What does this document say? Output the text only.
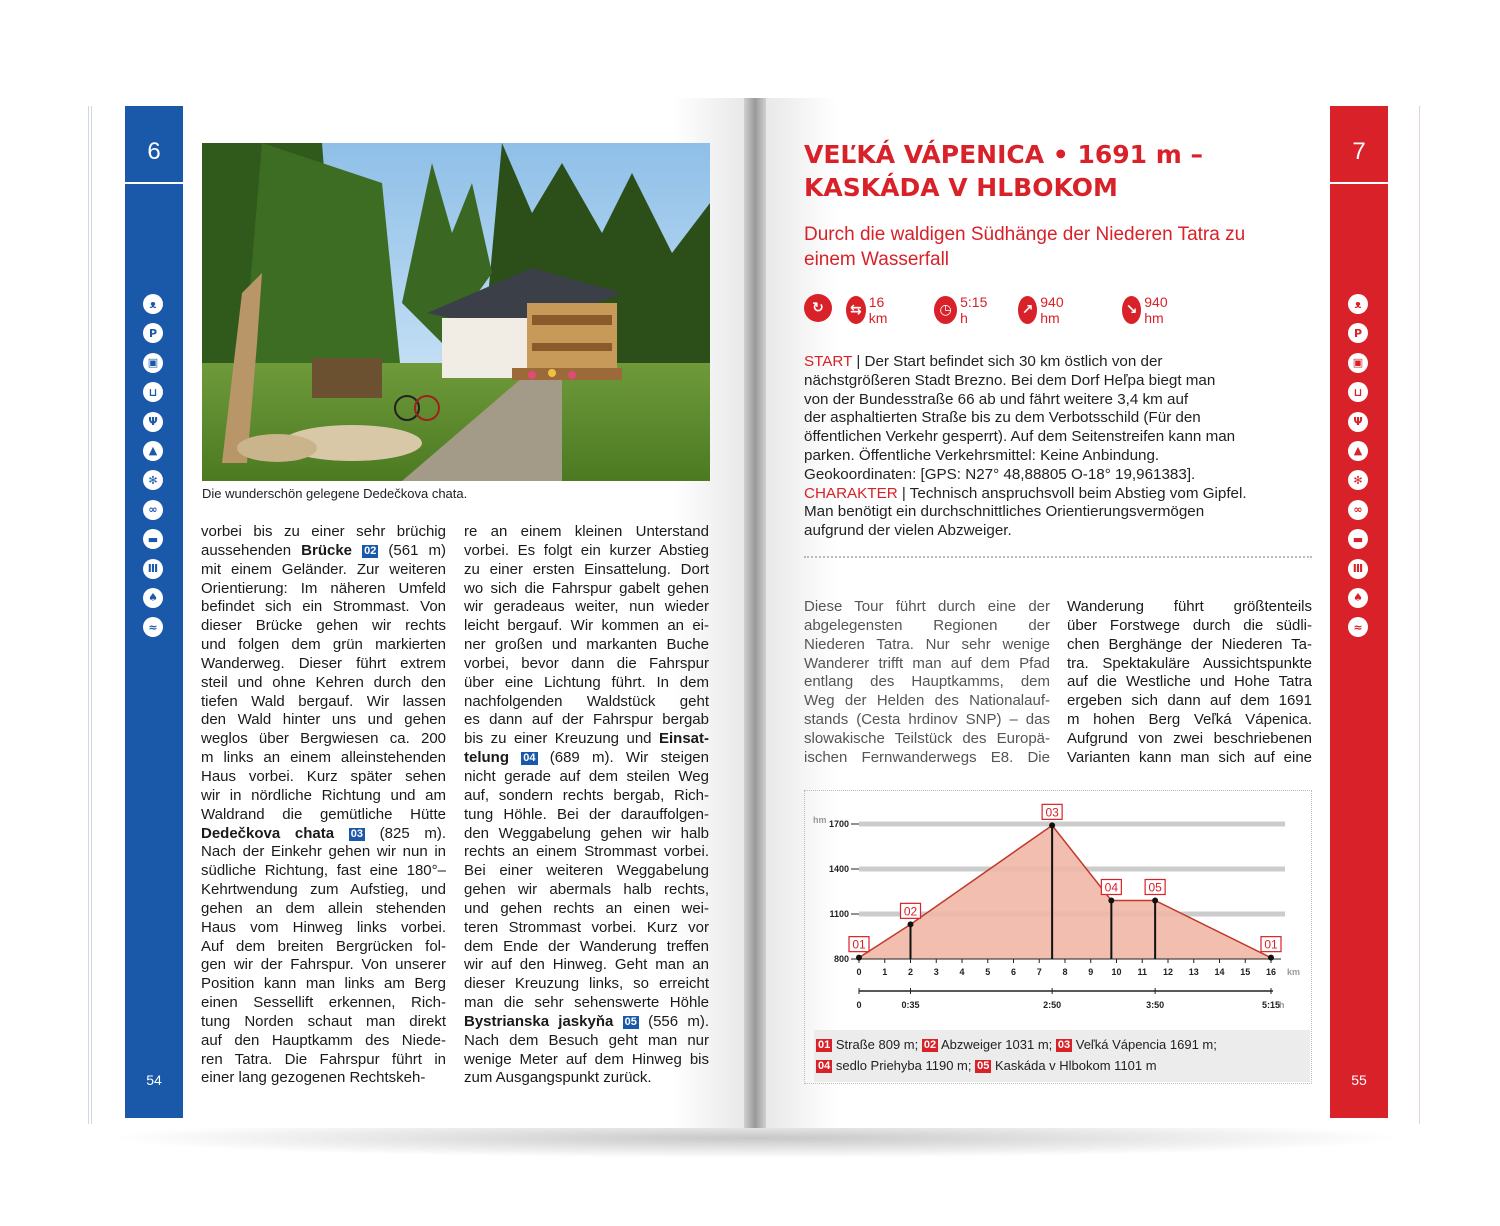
6
ᴥ
P
▣
⊔
Ψ
▲
✻
∞
▬
Ⅲ
♠
≈
54
7
ᴥ
P
▣
⊔
Ψ
▲
✻
∞
▬
Ⅲ
♠
≈
55
Die wunderschön gelegene Dedečkova chata.

vorbei bis zu einer sehr brüchig

aussehenden Brücke 02 (561 m)

mit einem Geländer. Zur weiteren

Orientierung: Im näheren Umfeld

befindet sich ein Strommast. Von

dieser Brücke gehen wir rechts

und folgen dem grün markierten

Wanderweg. Dieser führt extrem

steil und ohne Kehren durch den

tiefen Wald bergauf. Wir lassen

den Wald hinter uns und gehen

weglos über Bergwiesen ca. 200

m links an einem alleinstehenden

Haus vorbei. Kurz später sehen

wir in nördliche Richtung und am

Waldrand die gemütliche Hütte

Dedečkova chata 03 (825 m).

Nach der Einkehr gehen wir nun in

südliche Richtung, fast eine 180°–

Kehrtwendung zum Aufstieg, und

gehen an dem allein stehenden

Haus vom Hinweg links vorbei.

Auf dem breiten Bergrücken fol-

gen wir der Fahrspur. Von unserer

Position kann man links am Berg

einen Sessellift erkennen, Rich-

tung Norden schaut man direkt

auf den Hauptkamm des Niede-

ren Tatra. Die Fahrspur führt in

einer lang gezogenen Rechtskeh-

re an einem kleinen Unterstand

vorbei. Es folgt ein kurzer Abstieg

zu einer ersten Einsattelung. Dort

wo sich die Fahrspur gabelt gehen

wir geradeaus weiter, nun wieder

leicht bergauf. Wir kommen an ei-

ner großen und markanten Buche

vorbei, bevor dann die Fahrspur

über eine Lichtung führt. In dem

nachfolgenden Waldstück geht

es dann auf der Fahrspur bergab

bis zu einer Kreuzung und Einsat-

telung 04 (689 m). Wir steigen

nicht gerade auf dem steilen Weg

auf, sondern rechts bergab, Rich-

tung Höhle. Bei der darauffolgen-

den Weggabelung gehen wir halb

rechts an einem Strommast vorbei.

Bei einer weiteren Weggabelung

gehen wir abermals halb rechts,

und gehen rechts an einen wei-

teren Strommast vorbei. Kurz vor

dem Ende der Wanderung treffen

wir auf den Hinweg. Geht man an

dieser Kreuzung links, so erreicht

man die sehr sehenswerte Höhle

Bystrianska jaskyňa 05 (556 m).

Nach dem Besuch geht man nur

wenige Meter auf dem Hinweg bis

zum Ausgangspunkt zurück.

VEĽKÁ VÁPENICA • 1691 m –
KASKÁDA V HLBOKOM
Durch die waldigen Südhänge der Niederen Tatra zu
einem Wasserfall
↻	⇆ 16 km	◷ 5:15 h	↗ 940 hm	↘ 940 hm
START | Der Start befindet sich 30 km östlich von der
nächstgrößeren Stadt Brezno. Bei dem Dorf Heľpa biegt man
von der Bundesstraße 66 ab und fährt weitere 3,4 km auf
der asphaltierten Straße bis zu dem Verbotsschild (Für den
öffentlichen Verkehr gesperrt). Auf dem Seitenstreifen kann man
parken. Öffentliche Verkehrsmittel: Keine Anbindung.
Geokoordinaten: [GPS: N27° 48,88805 O-18° 19,961383].
CHARAKTER | Technisch anspruchsvoll beim Abstieg vom Gipfel.
Man benötigt ein durchschnittliches Orientierungsvermögen
aufgrund der vielen Abzweiger.

Diese Tour führt durch eine der

abgelegensten Regionen der

Niederen Tatra. Nur sehr wenige

Wanderer trifft man auf dem Pfad

entlang des Hauptkamms, dem

Weg der Helden des Nationalauf-

stands (Cesta hrdinov SNP) – das

slowakische Teilstück des Europä-

ischen Fernwanderwegs E8. Die

Wanderung führt größtenteils

über Forstwege durch die südli-

chen Berghänge der Niederen Ta-

tra. Spektakuläre Aussichtspunkte

auf die Westliche und Hohe Tatra

ergeben sich dann auf dem 1691

m hohen Berg Veľká Vápenica.

Aufgrund von zwei beschriebenen

Varianten kann man sich auf eine

hm
800
1100
1400
1700
0 1 2 3 4 5 6 7 8 9 10 11 12 13 14 15 16 km
0	0:35	2:50	3:50	5:15
h
01
02
03
04	05
01
01 Straße 809 m; 02 Abzweiger 1031 m; 03 Veľká Vápencia 1691 m;
04 sedlo Priehyba 1190 m; 05 Kaskáda v Hlbokom 1101 m
